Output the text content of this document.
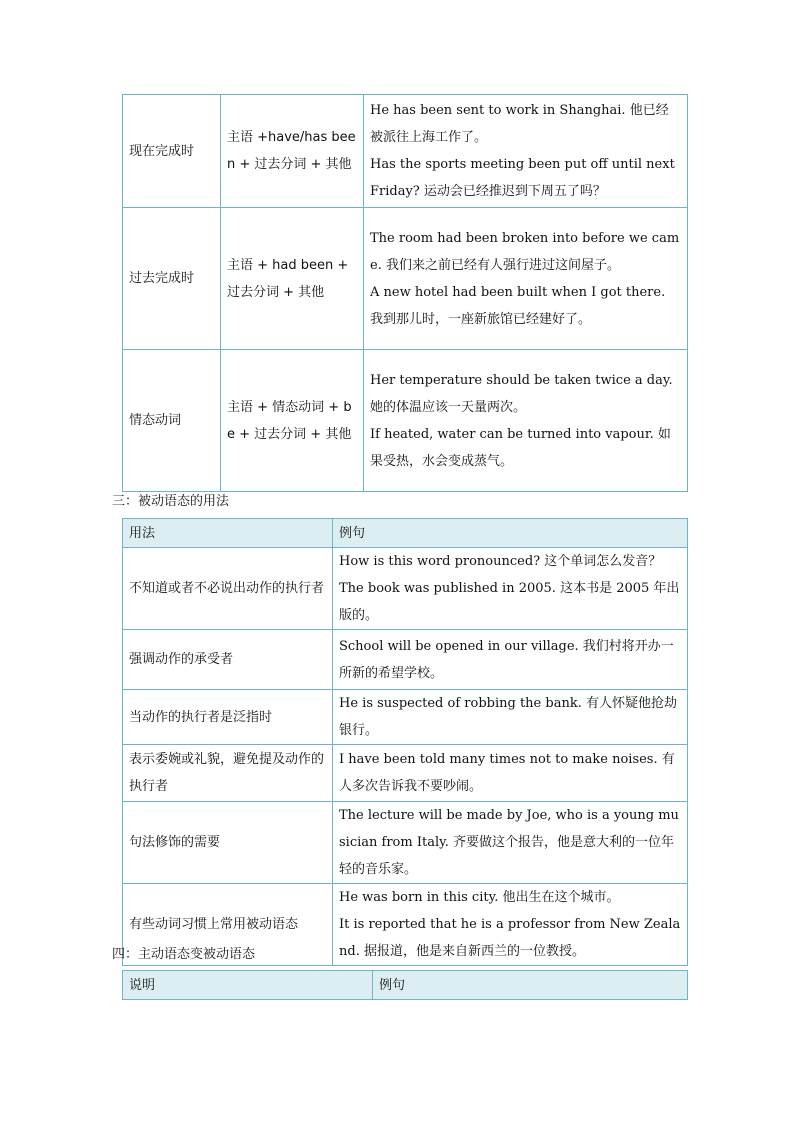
现在完成时	主语 +have/has been + 过去分词 + 其他	He has been sent to work in Shanghai. 他已经被派往上海工作了。
Has the sports meeting been put off until next Friday? 运动会已经推迟到下周五了吗？

过去完成时	主语 + had been + 过去分词 + 其他	The room had been broken into before we came. 我们来之前已经有人强行进过这间屋子。
A new hotel had been built when I got there. 我到那儿时，一座新旅馆已经建好了。

情态动词	主语 + 情态动词 + be + 过去分词 + 其他	Her temperature should be taken twice a day. 她的体温应该一天量两次。
If heated, water can be turned into vapour. 如果受热，水会变成蒸气。
三：被动语态的用法
用法	例句
不知道或者不必说出动作的执行者	How is this word pronounced? 这个单词怎么发音？
The book was published in 2005. 这本书是 2005 年出版的。

强调动作的承受者	School will be opened in our village. 我们村将开办一所新的希望学校。

当动作的执行者是泛指时	He is suspected of robbing the bank. 有人怀疑他抢劫银行。

表示委婉或礼貌，避免提及动作的执行者	I have been told many times not to make noises. 有人多次告诉我不要吵闹。

句法修饰的需要	The lecture will be made by Joe, who is a young musician from Italy. 齐要做这个报告，他是意大利的一位年轻的音乐家。

有些动词习惯上常用被动语态	He was born in this city. 他出生在这个城市。
It is reported that he is a professor from New Zealand. 据报道，他是来自新西兰的一位教授。
四：主动语态变被动语态
说明	例句
